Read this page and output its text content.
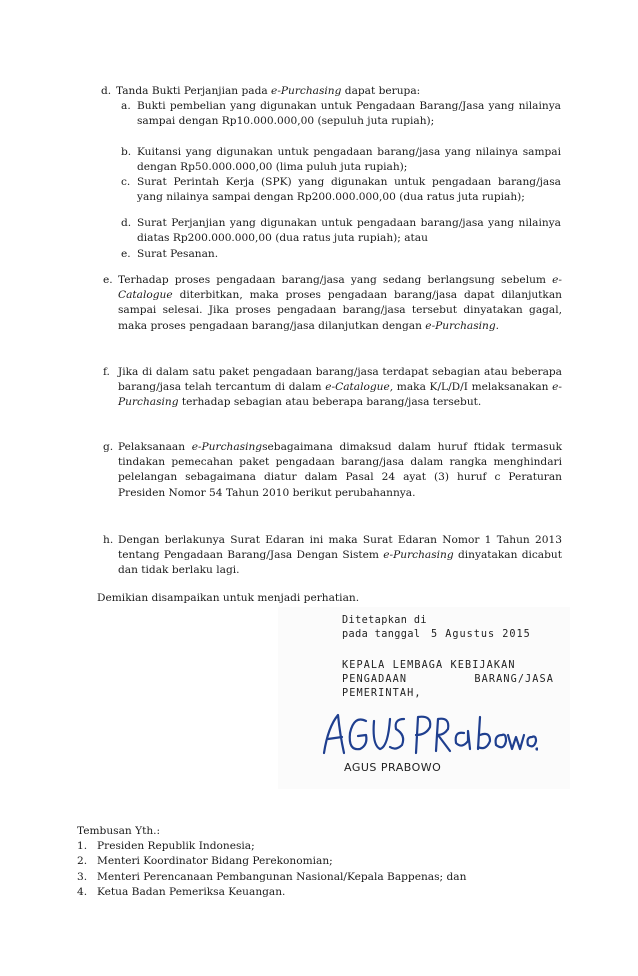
d. Tanda Bukti Perjanjian pada e-Purchasing dapat berupa:

a. Bukti pembelian yang digunakan untuk Pengadaan Barang/Jasa yang nilainya sampai dengan Rp10.000.000,00 (sepuluh juta rupiah);

b. Kuitansi yang digunakan untuk pengadaan barang/jasa yang nilainya sampai dengan Rp50.000.000,00 (lima puluh juta rupiah);

c. Surat Perintah Kerja (SPK) yang digunakan untuk pengadaan barang/jasa yang nilainya sampai dengan Rp200.000.000,00 (dua ratus juta rupiah);

d. Surat Perjanjian yang digunakan untuk pengadaan barang/jasa yang nilainya diatas Rp200.000.000,00 (dua ratus juta rupiah); atau

e. Surat Pesanan.

e. Terhadap proses pengadaan barang/jasa yang sedang berlangsung sebelum e-Catalogue diterbitkan, maka proses pengadaan barang/jasa dapat dilanjutkan sampai selesai. Jika proses pengadaan barang/jasa tersebut dinyatakan gagal, maka proses pengadaan barang/jasa dilanjutkan dengan e-Purchasing.

f. Jika di dalam satu paket pengadaan barang/jasa terdapat sebagian atau beberapa barang/jasa telah tercantum di dalam e-Catalogue, maka K/L/D/I melaksanakan e-Purchasing terhadap sebagian atau beberapa barang/jasa tersebut.

g. Pelaksanaan e-Purchasingsebagaimana dimaksud dalam huruf ftidak termasuk tindakan pemecahan paket pengadaan barang/jasa dalam rangka menghindari pelelangan sebagaimana diatur dalam Pasal 24 ayat (3) huruf c Peraturan Presiden Nomor 54 Tahun 2010 berikut perubahannya.

h. Dengan berlakunya Surat Edaran ini maka Surat Edaran Nomor 1 Tahun 2013 tentang Pengadaan Barang/Jasa Dengan Sistem e-Purchasing dinyatakan dicabut dan tidak berlaku lagi.

Demikian disampaikan untuk menjadi perhatian.

Ditetapkan di
pada tanggal 5 Agustus 2015
KEPALA LEMBAGA KEBIJAKAN
PENGADAAN	BARANG/JASA
PEMERINTAH,
AGUS PRABOWO

Tembusan Yth.:

1. Presiden Republik Indonesia;
2. Menteri Koordinator Bidang Perekonomian;
3. Menteri Perencanaan Pembangunan Nasional/Kepala Bappenas; dan
4. Ketua Badan Pemeriksa Keuangan.
